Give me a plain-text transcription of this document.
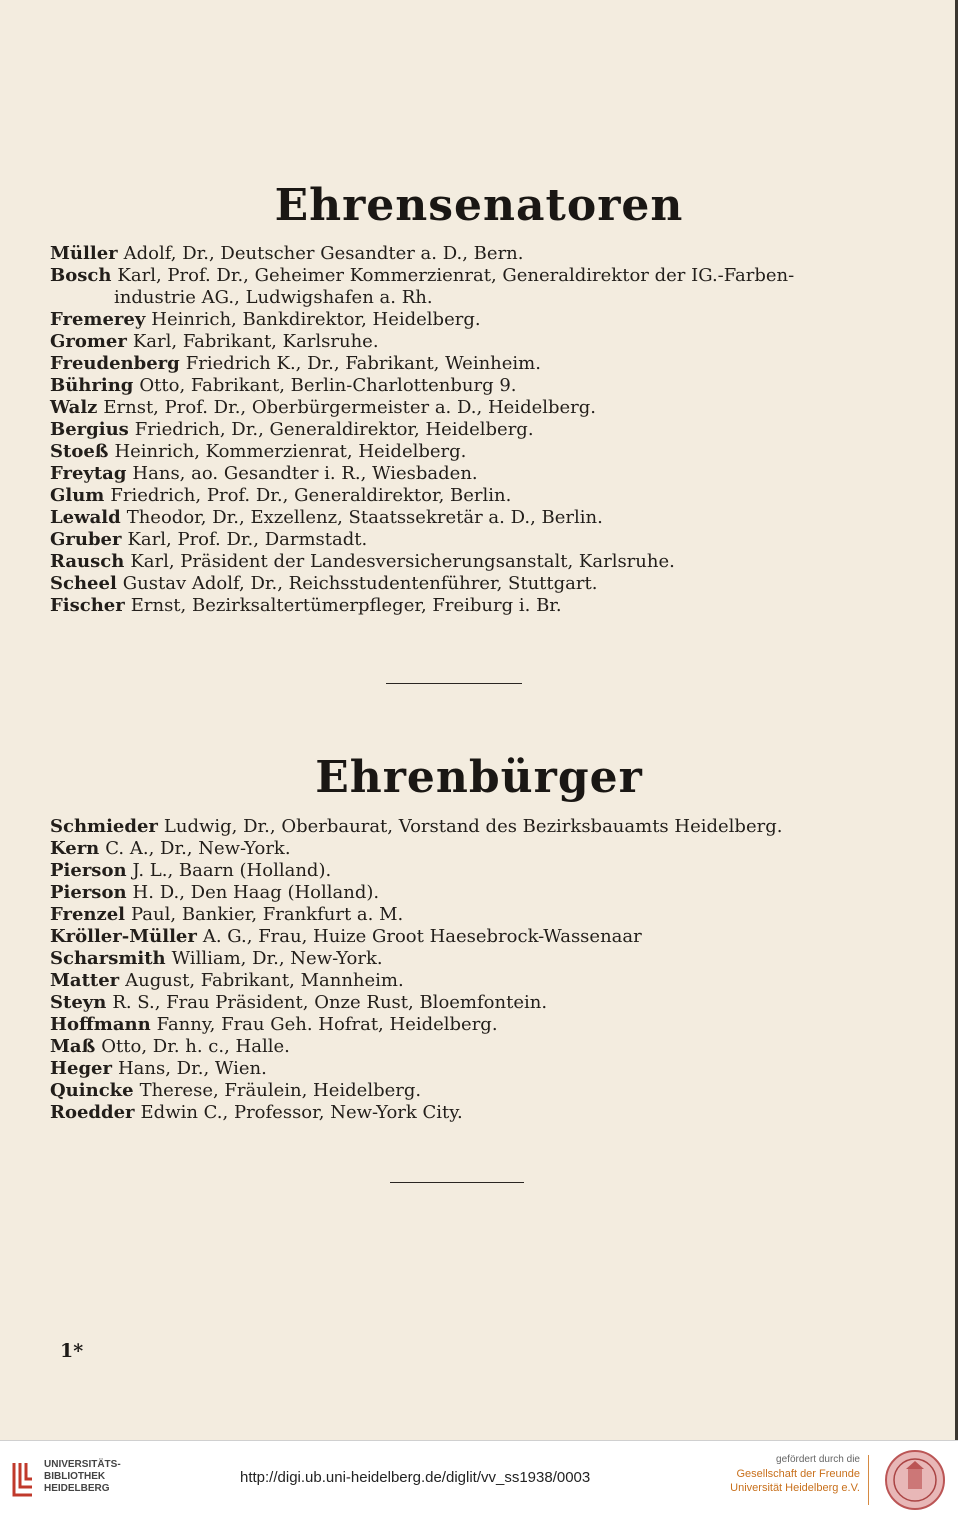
Ehrensenatoren
Müller Adolf, Dr., Deutscher Gesandter a. D., Bern.
Bosch Karl, Prof. Dr., Geheimer Kommerzienrat, Generaldirektor der IG.-Farben-
industrie AG., Ludwigshafen a. Rh.
Fremerey Heinrich, Bankdirektor, Heidelberg.
Gromer Karl, Fabrikant, Karlsruhe.
Freudenberg Friedrich K., Dr., Fabrikant, Weinheim.
Bühring Otto, Fabrikant, Berlin-Charlottenburg 9.
Walz Ernst, Prof. Dr., Oberbürgermeister a. D., Heidelberg.
Bergius Friedrich, Dr., Generaldirektor, Heidelberg.
Stoeß Heinrich, Kommerzienrat, Heidelberg.
Freytag Hans, ao. Gesandter i. R., Wiesbaden.
Glum Friedrich, Prof. Dr., Generaldirektor, Berlin.
Lewald Theodor, Dr., Exzellenz, Staatssekretär a. D., Berlin.
Gruber Karl, Prof. Dr., Darmstadt.
Rausch Karl, Präsident der Landesversicherungsanstalt, Karlsruhe.
Scheel Gustav Adolf, Dr., Reichsstudentenführer, Stuttgart.
Fischer Ernst, Bezirksaltertümerpfleger, Freiburg i. Br.
Ehrenbürger
Schmieder Ludwig, Dr., Oberbaurat, Vorstand des Bezirksbauamts Heidelberg.
Kern C. A., Dr., New-York.
Pierson J. L., Baarn (Holland).
Pierson H. D., Den Haag (Holland).
Frenzel Paul, Bankier, Frankfurt a. M.
Kröller-Müller A. G., Frau, Huize Groot Haesebrock-Wassenaar
Scharsmith William, Dr., New-York.
Matter August, Fabrikant, Mannheim.
Steyn R. S., Frau Präsident, Onze Rust, Bloemfontein.
Hoffmann Fanny, Frau Geh. Hofrat, Heidelberg.
Maß Otto, Dr. h. c., Halle.
Heger Hans, Dr., Wien.
Quincke Therese, Fräulein, Heidelberg.
Roedder Edwin C., Professor, New-York City.
1*
UNIVERSITÄTS-
BIBLIOTHEK
HEIDELBERG
http://digi.ub.uni-heidelberg.de/diglit/vv_ss1938/0003
gefördert durch die
Gesellschaft der Freunde
Universität Heidelberg e.V.
